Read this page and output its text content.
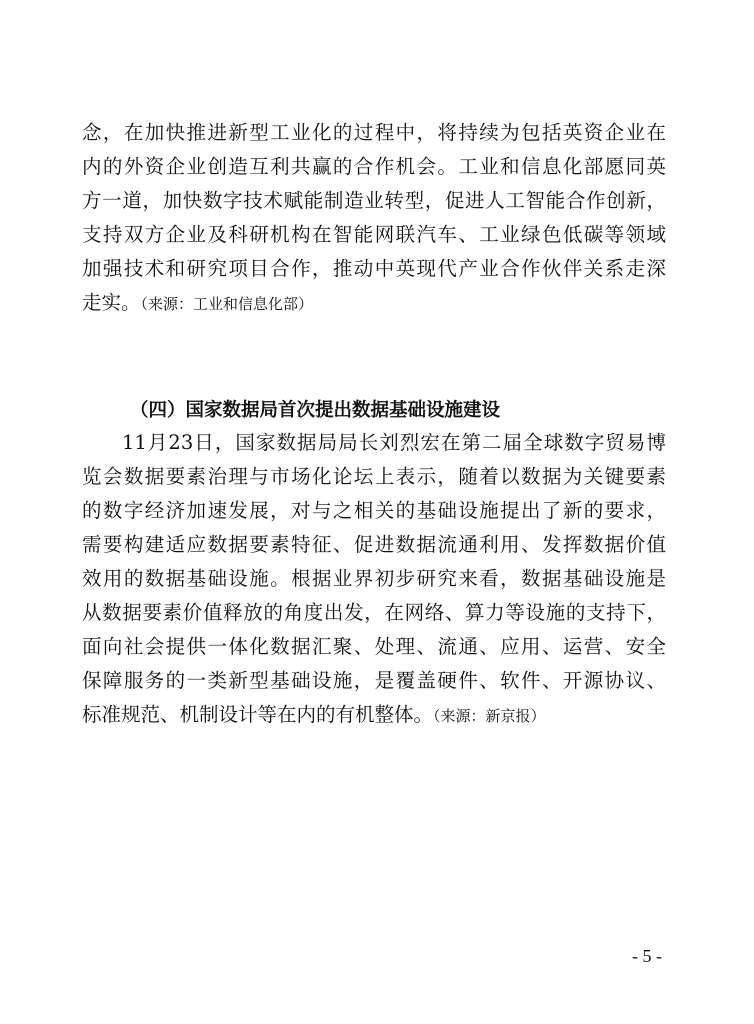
念，在加快推进新型工业化的过程中，将持续为包括英资企业在
内的外资企业创造互利共赢的合作机会。工业和信息化部愿同英
方一道，加快数字技术赋能制造业转型，促进人工智能合作创新，
支持双方企业及科研机构在智能网联汽车、工业绿色低碳等领域
加强技术和研究项目合作，推动中英现代产业合作伙伴关系走深
走实。（来源：工业和信息化部）
（四）国家数据局首次提出数据基础设施建设
11月23日，国家数据局局长刘烈宏在第二届全球数字贸易博
览会数据要素治理与市场化论坛上表示，随着以数据为关键要素
的数字经济加速发展，对与之相关的基础设施提出了新的要求，
需要构建适应数据要素特征、促进数据流通利用、发挥数据价值
效用的数据基础设施。根据业界初步研究来看，数据基础设施是
从数据要素价值释放的角度出发，在网络、算力等设施的支持下，
面向社会提供一体化数据汇聚、处理、流通、应用、运营、安全
保障服务的一类新型基础设施，是覆盖硬件、软件、开源协议、
标准规范、机制设计等在内的有机整体。（来源：新京报）
- 5 -
